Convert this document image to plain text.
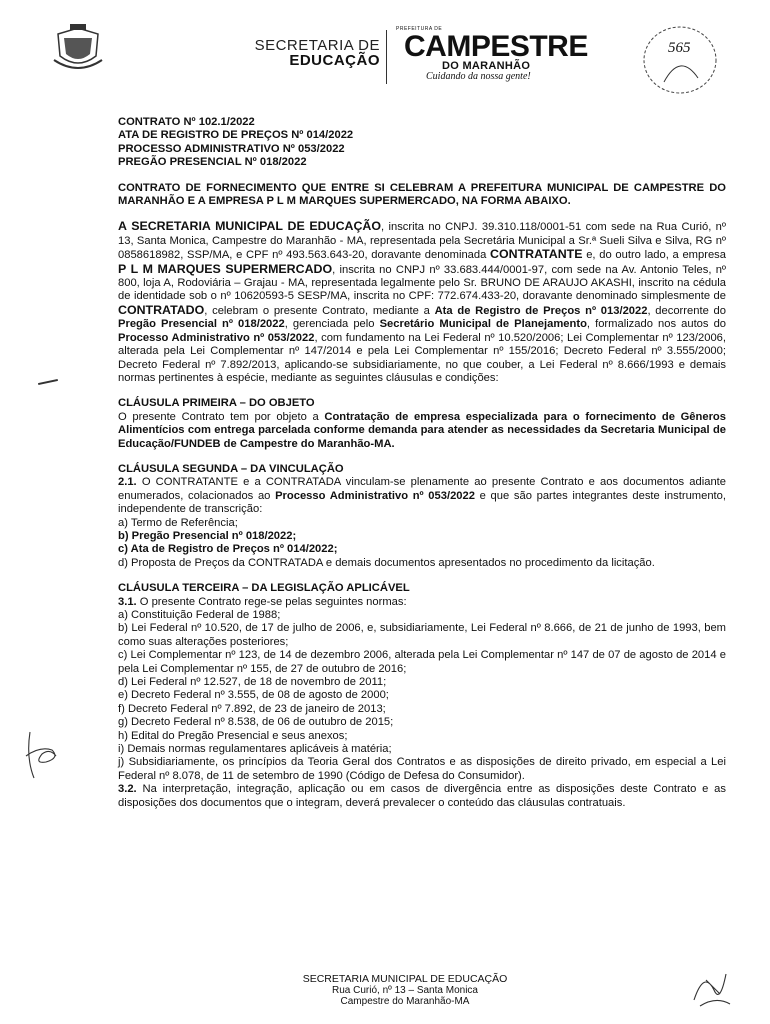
SECRETARIA DE
EDUCAÇÃO
PREFEITURA DE
CAMPESTRE
DO MARANHÃO
Cuidando da nossa gente!
565

CONTRATO Nº 102.1/2022
ATA DE REGISTRO DE PREÇOS Nº 014/2022
PROCESSO ADMINISTRATIVO Nº 053/2022
PREGÃO PRESENCIAL Nº 018/2022

CONTRATO DE FORNECIMENTO QUE ENTRE SI CELEBRAM A PREFEITURA MUNICIPAL DE CAMPESTRE DO MARANHÃO E A EMPRESA P L M MARQUES SUPERMERCADO, NA FORMA ABAIXO.

A SECRETARIA MUNICIPAL DE EDUCAÇÃO, inscrita no CNPJ. 39.310.118/0001-51 com sede na Rua Curió, nº 13, Santa Monica, Campestre do Maranhão - MA, representada pela Secretária Municipal a Sr.ª Sueli Silva e Silva, RG nº 0858618982, SSP/MA, e CPF nº 493.563.643-20, doravante denominada CONTRATANTE e, do outro lado, a empresa P L M MARQUES SUPERMERCADO, inscrita no CNPJ nº 33.683.444/0001-97, com sede na Av. Antonio Teles, nº 800, loja A, Rodoviária – Grajau - MA, representada legalmente pelo Sr. BRUNO DE ARAUJO AKASHI, inscrito na cédula de identidade sob o nº 10620593-5 SESP/MA, inscrita no CPF: 772.674.433-20, doravante denominado simplesmente de CONTRATADO, celebram o presente Contrato, mediante a Ata de Registro de Preços nº 013/2022, decorrente do Pregão Presencial nº 018/2022, gerenciada pelo Secretário Municipal de Planejamento, formalizado nos autos do Processo Administrativo nº 053/2022, com fundamento na Lei Federal nº 10.520/2006; Lei Complementar nº 123/2006, alterada pela Lei Complementar nº 147/2014 e pela Lei Complementar nº 155/2016; Decreto Federal nº 3.555/2000; Decreto Federal nº 7.892/2013, aplicando-se subsidiariamente, no que couber, a Lei Federal nº 8.666/1993 e demais normas pertinentes à espécie, mediante as seguintes cláusulas e condições:

CLÁUSULA PRIMEIRA – DO OBJETO

O presente Contrato tem por objeto a Contratação de empresa especializada para o fornecimento de Gêneros Alimentícios com entrega parcelada conforme demanda para atender as necessidades da Secretaria Municipal de Educação/FUNDEB de Campestre do Maranhão-MA.

CLÁUSULA SEGUNDA – DA VINCULAÇÃO

2.1. O CONTRATANTE e a CONTRATADA vinculam-se plenamente ao presente Contrato e aos documentos adiante enumerados, colacionados ao Processo Administrativo nº 053/2022 e que são partes integrantes deste instrumento, independente de transcrição:

a) Termo de Referência;

b) Pregão Presencial nº 018/2022;

c) Ata de Registro de Preços nº 014/2022;

d) Proposta de Preços da CONTRATADA e demais documentos apresentados no procedimento da licitação.

CLÁUSULA TERCEIRA – DA LEGISLAÇÃO APLICÁVEL

3.1. O presente Contrato rege-se pelas seguintes normas:

a) Constituição Federal de 1988;

b) Lei Federal nº 10.520, de 17 de julho de 2006, e, subsidiariamente, Lei Federal nº 8.666, de 21 de junho de 1993, bem como suas alterações posteriores;

c) Lei Complementar nº 123, de 14 de dezembro 2006, alterada pela Lei Complementar nº 147 de 07 de agosto de 2014 e pela Lei Complementar nº 155, de 27 de outubro de 2016;

d) Lei Federal nº 12.527, de 18 de novembro de 2011;

e) Decreto Federal nº 3.555, de 08 de agosto de 2000;

f) Decreto Federal nº 7.892, de 23 de janeiro de 2013;

g) Decreto Federal nº 8.538, de 06 de outubro de 2015;

h) Edital do Pregão Presencial e seus anexos;

i) Demais normas regulamentares aplicáveis à matéria;

j) Subsidiariamente, os princípios da Teoria Geral dos Contratos e as disposições de direito privado, em especial a Lei Federal nº 8.078, de 11 de setembro de 1990 (Código de Defesa do Consumidor).

3.2. Na interpretação, integração, aplicação ou em casos de divergência entre as disposições deste Contrato e as disposições dos documentos que o integram, deverá prevalecer o conteúdo das cláusulas contratuais.

SECRETARIA MUNICIPAL DE EDUCAÇÃO
Rua Curió, nº 13 – Santa Monica
Campestre do Maranhão-MA
